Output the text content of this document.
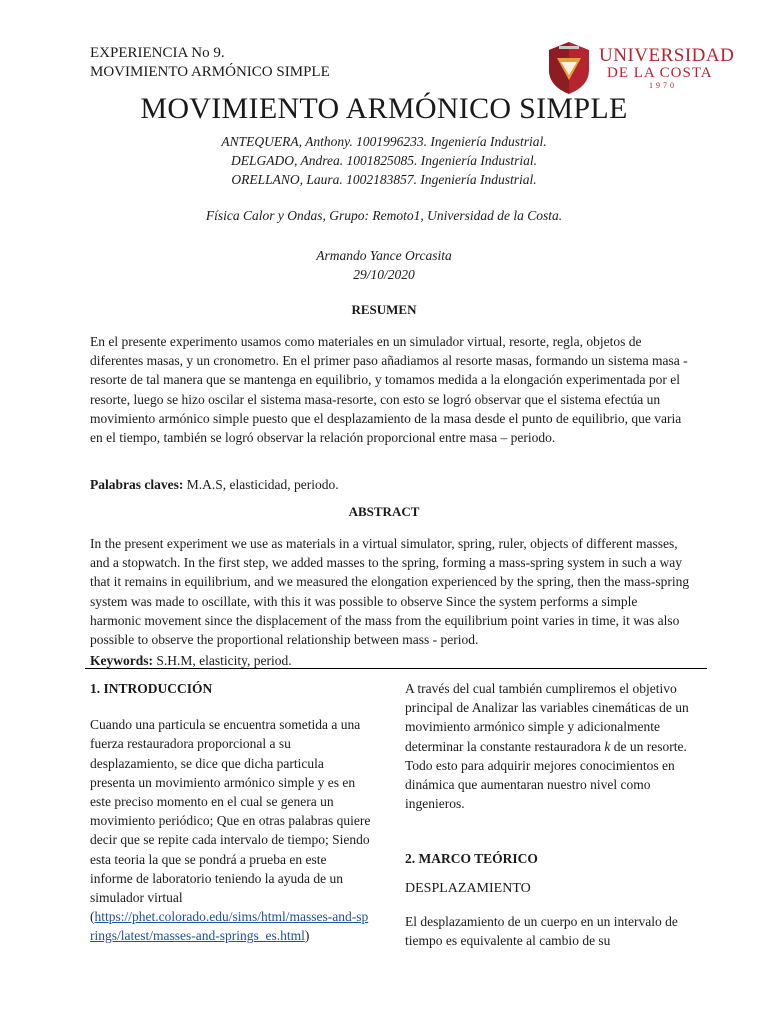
EXPERIENCIA No 9.
MOVIMIENTO ARMÓNICO SIMPLE
UNIVERSIDAD
DE LA COSTA
1970
MOVIMIENTO ARMÓNICO SIMPLE
ANTEQUERA, Anthony. 1001996233. Ingeniería Industrial.
DELGADO, Andrea. 1001825085. Ingeniería Industrial.
ORELLANO, Laura. 1002183857. Ingeniería Industrial.
Física Calor y Ondas, Grupo: Remoto1, Universidad de la Costa.
Armando Yance Orcasita
29/10/2020
RESUMEN
En el presente experimento usamos como materiales en un simulador virtual, resorte, regla, objetos de diferentes masas, y un cronometro. En el primer paso añadiamos al resorte masas, formando un sistema masa -resorte de tal manera que se mantenga en equilibrio, y tomamos medida a la elongación experimentada por el resorte, luego se hizo oscilar el sistema masa-resorte, con esto se logró observar que el sistema efectúa un movimiento armónico simple puesto que el desplazamiento de la masa desde el punto de equilibrio, que varia en el tiempo, también se logró observar la relación proporcional entre masa – periodo.
Palabras claves: M.A.S, elasticidad, periodo.
ABSTRACT
In the present experiment we use as materials in a virtual simulator, spring, ruler, objects of different masses, and a stopwatch. In the first step, we added masses to the spring, forming a mass-spring system in such a way that it remains in equilibrium, and we measured the elongation experienced by the spring, then the mass-spring system was made to oscillate, with this it was possible to observe Since the system performs a simple harmonic movement since the displacement of the mass from the equilibrium point varies in time, it was also possible to observe the proportional relationship between mass - period.
Keywords: S.H.M, elasticity, period.
1. INTRODUCCIÓN
Cuando una particula se encuentra sometida a una fuerza restauradora proporcional a su desplazamiento, se dice que dicha particula presenta un movimiento armónico simple y es en este preciso momento en el cual se genera un movimiento periódico; Que en otras palabras quiere decir que se repite cada intervalo de tiempo; Siendo esta teoria la que se pondrá a prueba en este informe de laboratorio teniendo la ayuda de un simulador virtual
(https://phet.colorado.edu/sims/html/masses-and-springs/latest/masses-and-springs_es.html)
A través del cual también cumpliremos el objetivo principal de Analizar las variables cinemáticas de un movimiento armónico simple y adicionalmente determinar la constante restauradora k de un resorte. Todo esto para adquirir mejores conocimientos en dinámica que aumentaran nuestro nivel como ingenieros.
2. MARCO TEÓRICO
DESPLAZAMIENTO
El desplazamiento de un cuerpo en un intervalo de tiempo es equivalente al cambio de su
